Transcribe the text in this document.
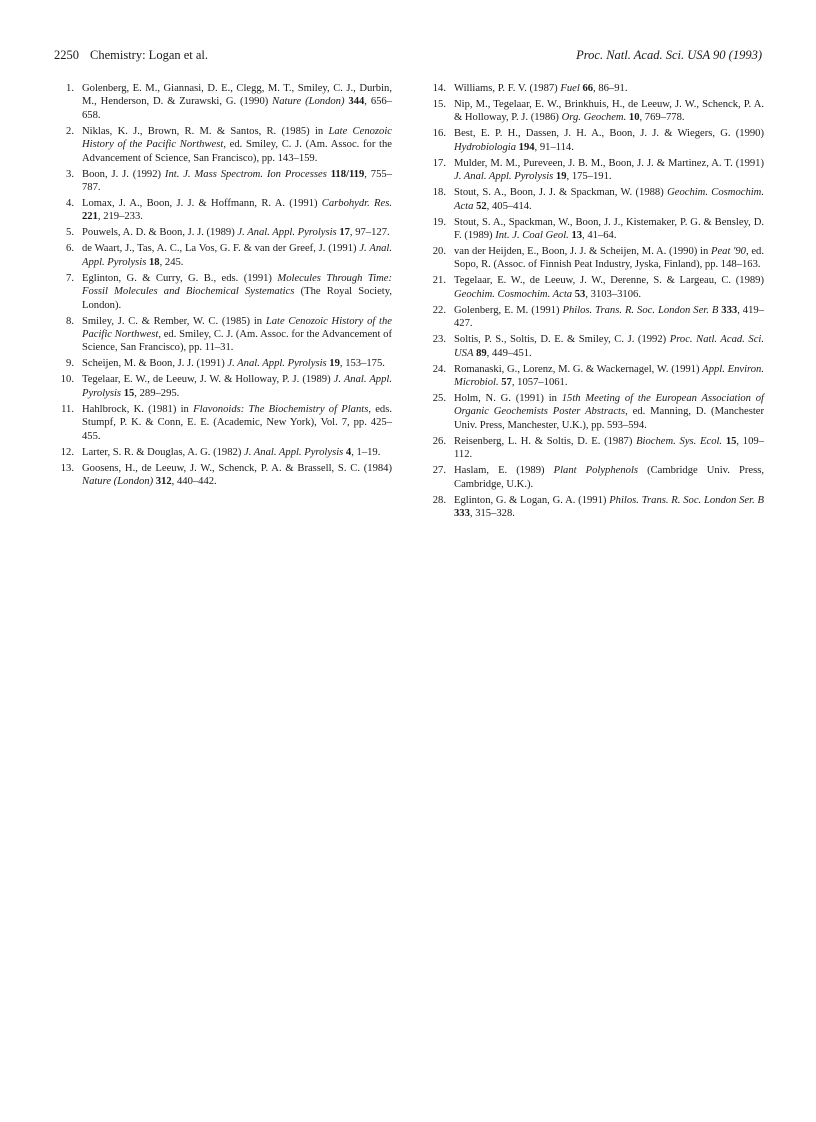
2250 Chemistry: Logan et al.	Proc. Natl. Acad. Sci. USA 90 (1993)
1. Golenberg, E. M., Giannasi, D. E., Clegg, M. T., Smiley, C. J., Durbin, M., Henderson, D. & Zurawski, G. (1990) Nature (London) 344, 656–658.
2. Niklas, K. J., Brown, R. M. & Santos, R. (1985) in Late Cenozoic History of the Pacific Northwest, ed. Smiley, C. J. (Am. Assoc. for the Advancement of Science, San Francisco), pp. 143–159.
3. Boon, J. J. (1992) Int. J. Mass Spectrom. Ion Processes 118/119, 755–787.
4. Lomax, J. A., Boon, J. J. & Hoffmann, R. A. (1991) Carbohydr. Res. 221, 219–233.
5. Pouwels, A. D. & Boon, J. J. (1989) J. Anal. Appl. Pyrolysis 17, 97–127.
6. de Waart, J., Tas, A. C., La Vos, G. F. & van der Greef, J. (1991) J. Anal. Appl. Pyrolysis 18, 245.
7. Eglinton, G. & Curry, G. B., eds. (1991) Molecules Through Time: Fossil Molecules and Biochemical Systematics (The Royal Society, London).
8. Smiley, J. C. & Rember, W. C. (1985) in Late Cenozoic History of the Pacific Northwest, ed. Smiley, C. J. (Am. Assoc. for the Advancement of Science, San Francisco), pp. 11–31.
9. Scheijen, M. & Boon, J. J. (1991) J. Anal. Appl. Pyrolysis 19, 153–175.
10. Tegelaar, E. W., de Leeuw, J. W. & Holloway, P. J. (1989) J. Anal. Appl. Pyrolysis 15, 289–295.
11. Hahlbrock, K. (1981) in Flavonoids: The Biochemistry of Plants, eds. Stumpf, P. K. & Conn, E. E. (Academic, New York), Vol. 7, pp. 425–455.
12. Larter, S. R. & Douglas, A. G. (1982) J. Anal. Appl. Pyrolysis 4, 1–19.
13. Goosens, H., de Leeuw, J. W., Schenck, P. A. & Brassell, S. C. (1984) Nature (London) 312, 440–442.
14. Williams, P. F. V. (1987) Fuel 66, 86–91.
15. Nip, M., Tegelaar, E. W., Brinkhuis, H., de Leeuw, J. W., Schenck, P. A. & Holloway, P. J. (1986) Org. Geochem. 10, 769–778.
16. Best, E. P. H., Dassen, J. H. A., Boon, J. J. & Wiegers, G. (1990) Hydrobiologia 194, 91–114.
17. Mulder, M. M., Pureveen, J. B. M., Boon, J. J. & Martinez, A. T. (1991) J. Anal. Appl. Pyrolysis 19, 175–191.
18. Stout, S. A., Boon, J. J. & Spackman, W. (1988) Geochim. Cosmochim. Acta 52, 405–414.
19. Stout, S. A., Spackman, W., Boon, J. J., Kistemaker, P. G. & Bensley, D. F. (1989) Int. J. Coal Geol. 13, 41–64.
20. van der Heijden, E., Boon, J. J. & Scheijen, M. A. (1990) in Peat '90, ed. Sopo, R. (Assoc. of Finnish Peat Industry, Jyska, Finland), pp. 148–163.
21. Tegelaar, E. W., de Leeuw, J. W., Derenne, S. & Largeau, C. (1989) Geochim. Cosmochim. Acta 53, 3103–3106.
22. Golenberg, E. M. (1991) Philos. Trans. R. Soc. London Ser. B 333, 419–427.
23. Soltis, P. S., Soltis, D. E. & Smiley, C. J. (1992) Proc. Natl. Acad. Sci. USA 89, 449–451.
24. Romanaski, G., Lorenz, M. G. & Wackernagel, W. (1991) Appl. Environ. Microbiol. 57, 1057–1061.
25. Holm, N. G. (1991) in 15th Meeting of the European Association of Organic Geochemists Poster Abstracts, ed. Manning, D. (Manchester Univ. Press, Manchester, U.K.), pp. 593–594.
26. Reisenberg, L. H. & Soltis, D. E. (1987) Biochem. Sys. Ecol. 15, 109–112.
27. Haslam, E. (1989) Plant Polyphenols (Cambridge Univ. Press, Cambridge, U.K.).
28. Eglinton, G. & Logan, G. A. (1991) Philos. Trans. R. Soc. London Ser. B 333, 315–328.
